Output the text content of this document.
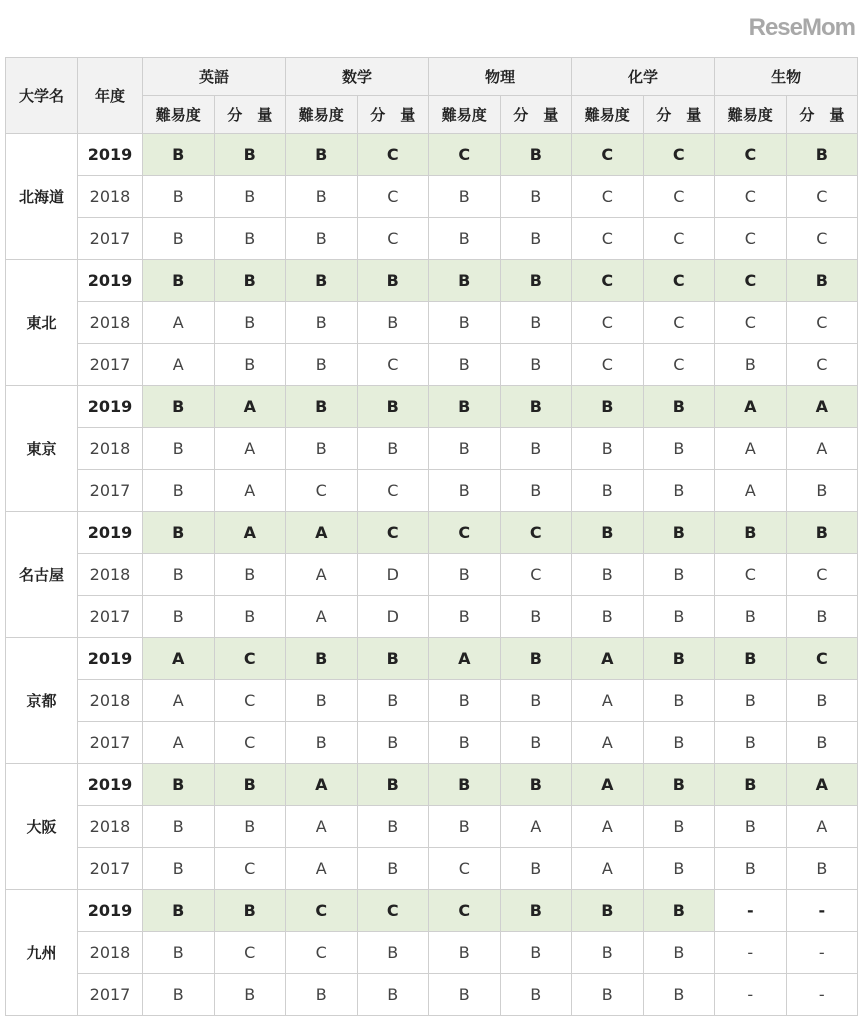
大学名	年度	英語		数学		物理		化学		生物	
		難易度	分　量	難易度	分　量	難易度	分　量	難易度	分　量	難易度	分　量
北海道	2019	B	B	B	C	C	B	C	C	C	B
	2018	B	B	B	C	B	B	C	C	C	C
	2017	B	B	B	C	B	B	C	C	C	C
東北	2019	B	B	B	B	B	B	C	C	C	B
	2018	A	B	B	B	B	B	C	C	C	C
	2017	A	B	B	C	B	B	C	C	B	C
東京	2019	B	A	B	B	B	B	B	B	A	A
	2018	B	A	B	B	B	B	B	B	A	A
	2017	B	A	C	C	B	B	B	B	A	B
名古屋	2019	B	A	A	C	C	C	B	B	B	B
	2018	B	B	A	D	B	C	B	B	C	C
	2017	B	B	A	D	B	B	B	B	B	B
京都	2019	A	C	B	B	A	B	A	B	B	C
	2018	A	C	B	B	B	B	A	B	B	B
	2017	A	C	B	B	B	B	A	B	B	B
大阪	2019	B	B	A	B	B	B	A	B	B	A
	2018	B	B	A	B	B	A	A	B	B	A
	2017	B	C	A	B	C	B	A	B	B	B
九州	2019	B	B	C	C	C	B	B	B	-	-
	2018	B	C	C	B	B	B	B	B	-	-
	2017	B	B	B	B	B	B	B	B	-	-
ReseMom
